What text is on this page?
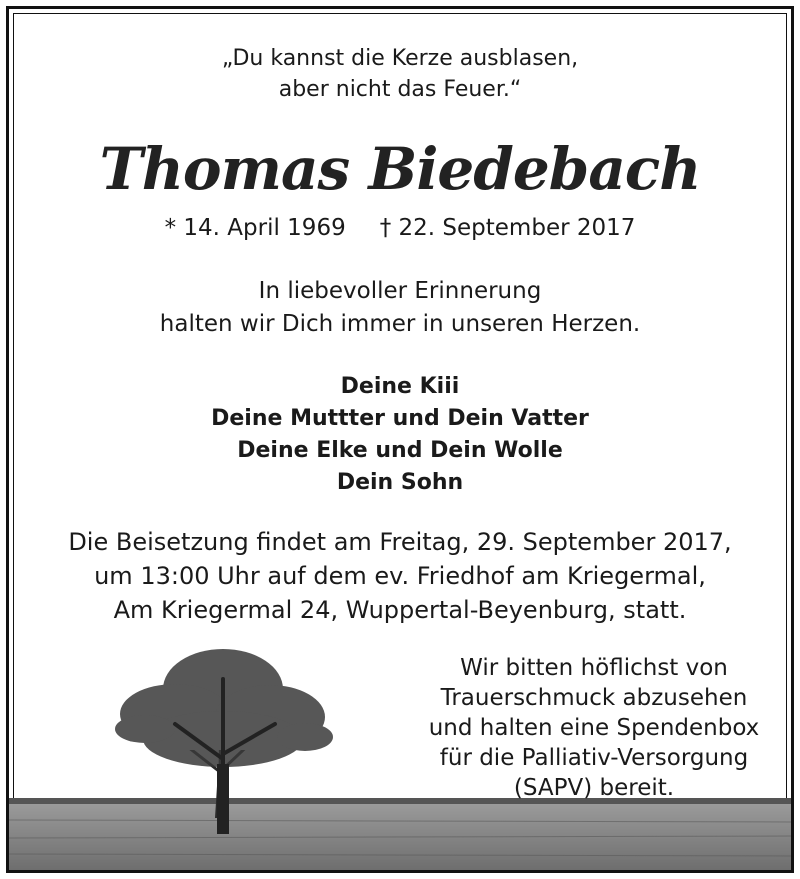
„Du kannst die Kerze ausblasen,
aber nicht das Feuer.“
Thomas Biedebach
* 14. April 1969 † 22. September 2017
In liebevoller Erinnerung
halten wir Dich immer in unseren Herzen.
Deine Kiii
Deine Muttter und Dein Vatter
Deine Elke und Dein Wolle
Dein Sohn
Die Beisetzung findet am Freitag, 29. September 2017,
um 13:00 Uhr auf dem ev. Friedhof am Kriegermal,
Am Kriegermal 24, Wuppertal-Beyenburg, statt.
Wir bitten höflichst von
Trauerschmuck abzusehen
und halten eine Spendenbox
für die Palliativ-Versorgung
(SAPV) bereit.
